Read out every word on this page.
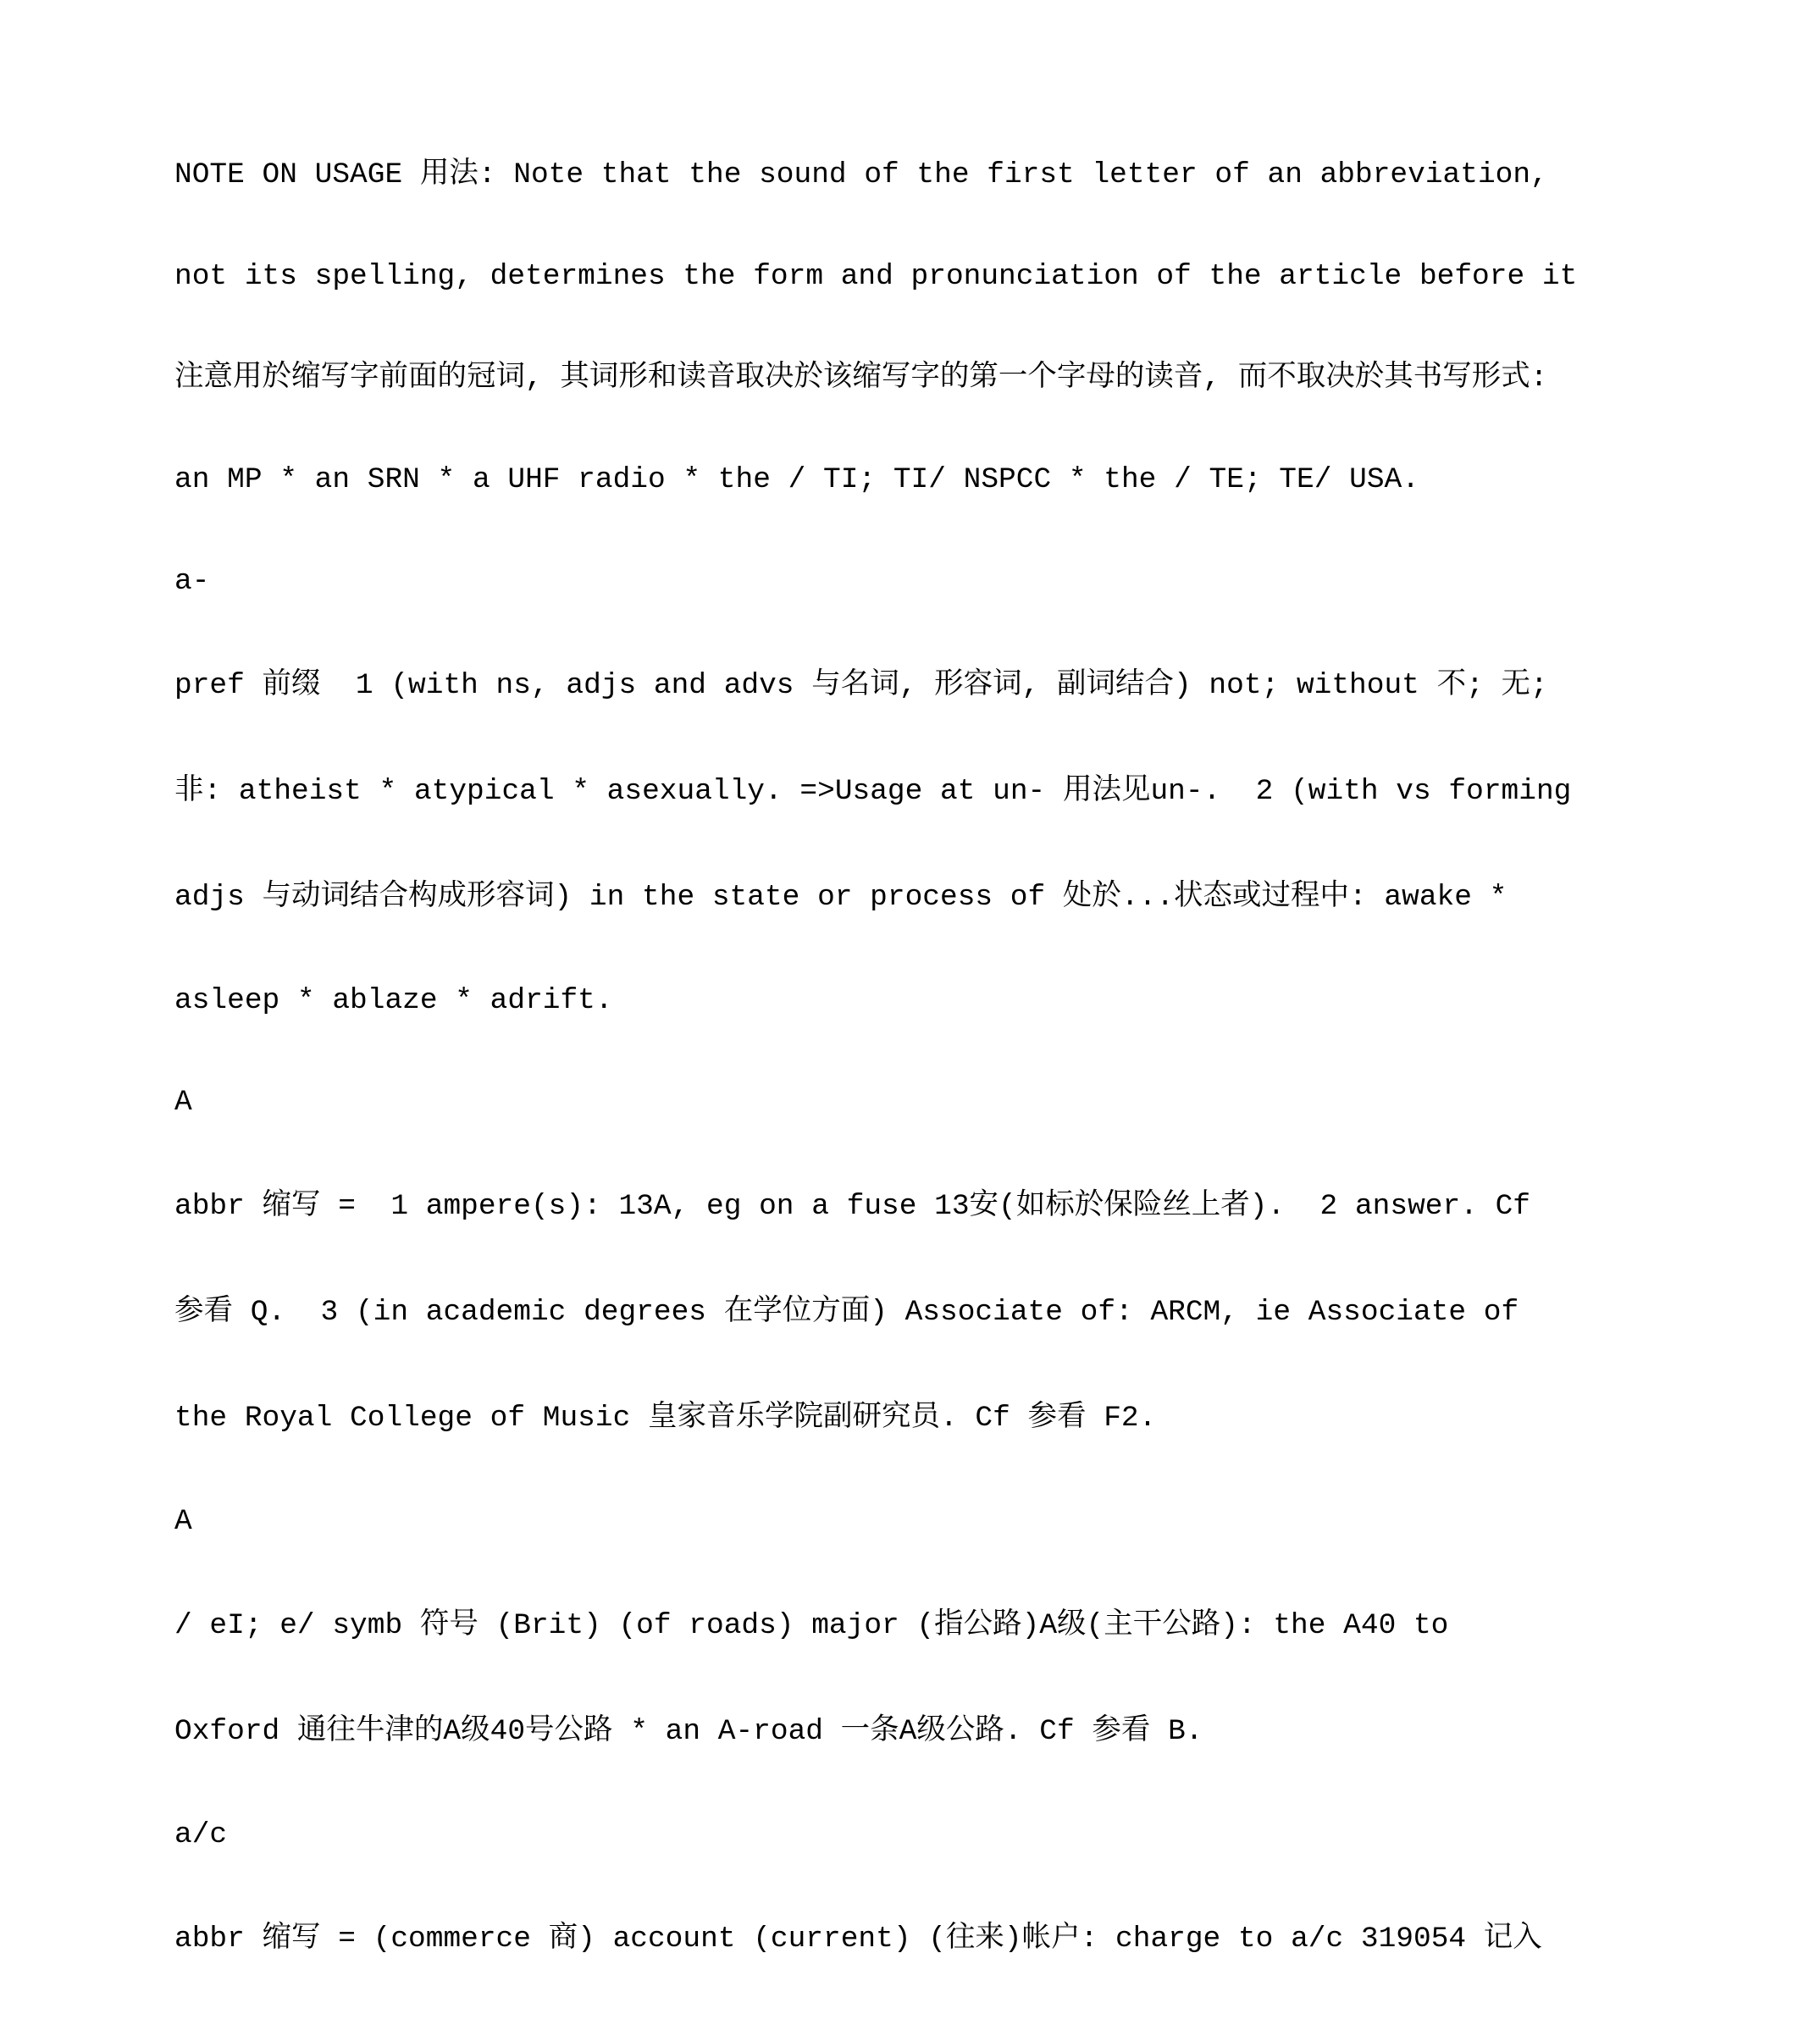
NOTE ON USAGE 用法: Note that the sound of the first letter of an abbreviation,

not its spelling, determines the form and pronunciation of the article before it

注意用於缩写字前面的冠词, 其词形和读音取决於该缩写字的第一个字母的读音, 而不取决於其书写形式:

an MP * an SRN * a UHF radio * the / TI; TI/ NSPCC * the / TE; TE/ USA.

a-

pref 前缀  1 (with ns, adjs and advs 与名词, 形容词, 副词结合) not; without 不; 无;

非: atheist * atypical * asexually. =>Usage at un- 用法见un-.  2 (with vs forming

adjs 与动词结合构成形容词) in the state or process of 处於...状态或过程中: awake *

asleep * ablaze * adrift.

A

abbr 缩写 =  1 ampere(s): 13A, eg on a fuse 13安(如标於保险丝上者).  2 answer. Cf

参看 Q.  3 (in academic degrees 在学位方面) Associate of: ARCM, ie Associate of

the Royal College of Music 皇家音乐学院副研究员. Cf 参看 F2.

A

/ eI; e/ symb 符号 (Brit) (of roads) major (指公路)A级(主干公路): the A40 to

Oxford 通往牛津的A级40号公路 * an A-road 一条A级公路. Cf 参看 B.

a/c

abbr 缩写 = (commerce 商) account (current) (往来)帐户: charge to a/c 319054 记入
